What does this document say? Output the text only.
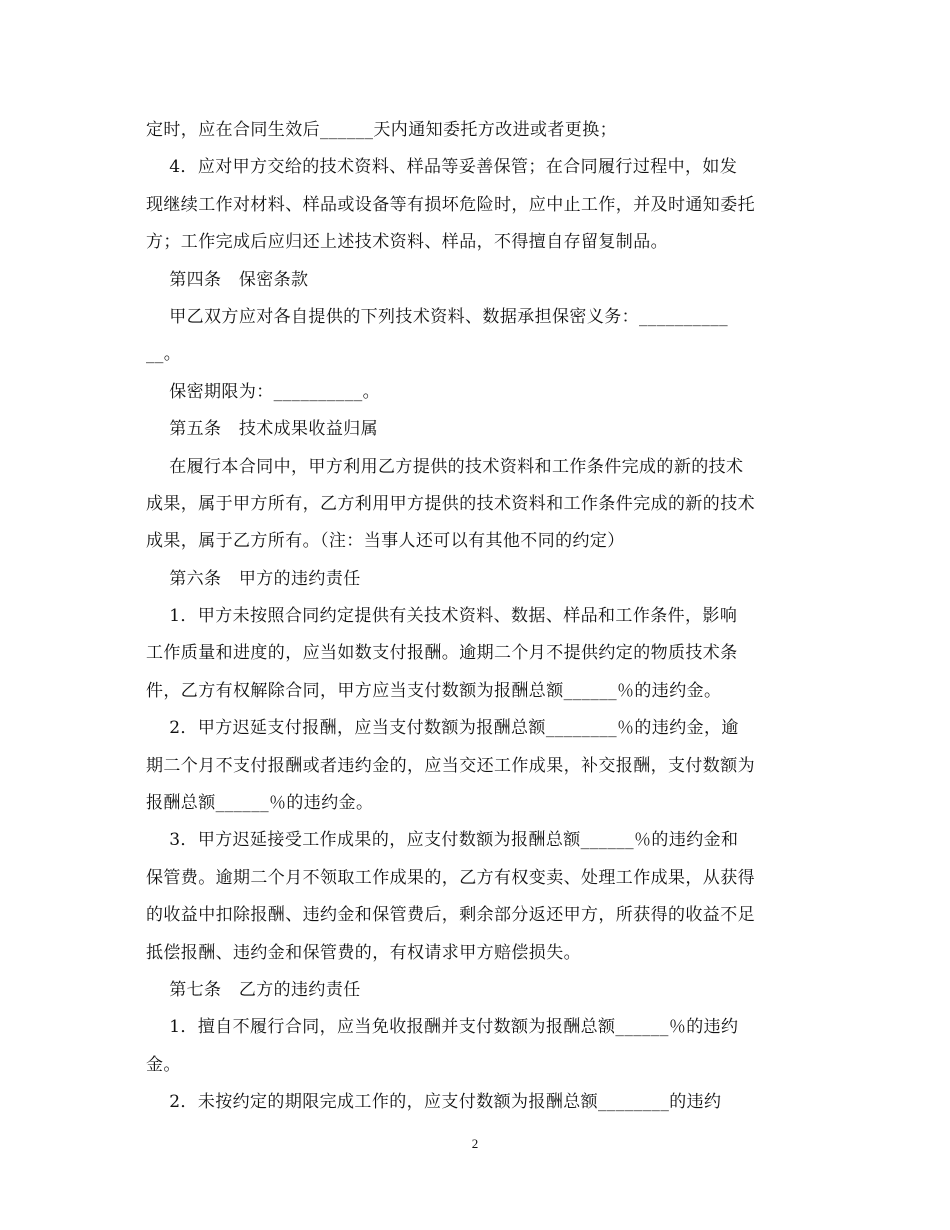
定时，应在合同生效后______天内通知委托方改进或者更换；
4．应对甲方交给的技术资料、样品等妥善保管；在合同履行过程中，如发
现继续工作对材料、样品或设备等有损坏危险时，应中止工作，并及时通知委托
方；工作完成后应归还上述技术资料、样品，不得擅自存留复制品。
第四条　保密条款
甲乙双方应对各自提供的下列技术资料、数据承担保密义务：__________
__。
保密期限为：__________。
第五条　技术成果收益归属
在履行本合同中，甲方利用乙方提供的技术资料和工作条件完成的新的技术
成果，属于甲方所有，乙方利用甲方提供的技术资料和工作条件完成的新的技术
成果，属于乙方所有。（注：当事人还可以有其他不同的约定）
第六条　甲方的违约责任
1．甲方未按照合同约定提供有关技术资料、数据、样品和工作条件，影响
工作质量和进度的，应当如数支付报酬。逾期二个月不提供约定的物质技术条
件，乙方有权解除合同，甲方应当支付数额为报酬总额______％的违约金。
2．甲方迟延支付报酬，应当支付数额为报酬总额________％的违约金，逾
期二个月不支付报酬或者违约金的，应当交还工作成果，补交报酬，支付数额为
报酬总额______％的违约金。
3．甲方迟延接受工作成果的，应支付数额为报酬总额______％的违约金和
保管费。逾期二个月不领取工作成果的，乙方有权变卖、处理工作成果，从获得
的收益中扣除报酬、违约金和保管费后，剩余部分返还甲方，所获得的收益不足
抵偿报酬、违约金和保管费的，有权请求甲方赔偿损失。
第七条　乙方的违约责任
1．擅自不履行合同，应当免收报酬并支付数额为报酬总额______％的违约
金。
2．未按约定的期限完成工作的，应支付数额为报酬总额________的违约
2
